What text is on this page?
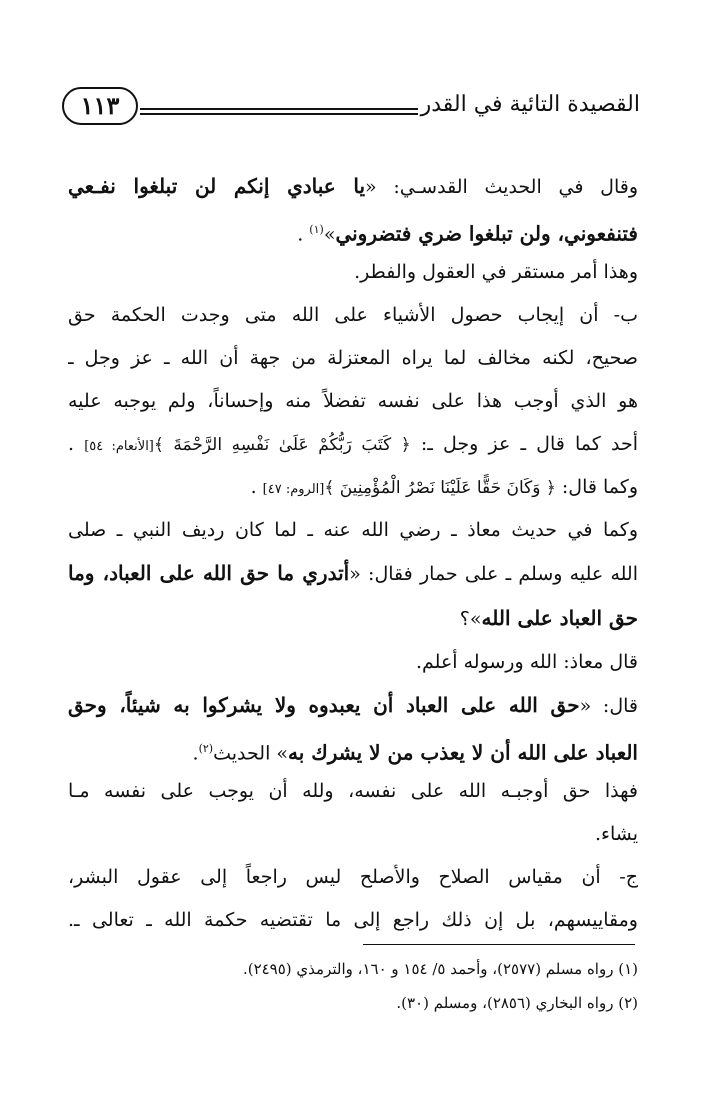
القصيدة التائية في القدر
١١٣
وقال في الحديث القدسـي: «يا عبادي إنكم لن تبلغوا نفـعي
فتنفعوني، ولن تبلغوا ضري فتضروني»$^{(١)}$ .
وهذا أمر مستقر في العقول والفطر.
ب- أن إيجاب حصول الأشياء على الله متى وجدت الحكمة حق
صحيح، لكنه مخالف لما يراه المعتزلة من جهة أن الله ـ عز وجل ـ
هو الذي أوجب هذا على نفسه تفضلاً منه وإحساناً، ولم يوجبه عليه
أحد كما قال ـ عز وجل ـ: ﴿ كَتَبَ رَبُّكُمْ عَلَىٰ نَفْسِهِ الرَّحْمَةَ ﴾[الأنعام: ٥٤] .
وكما قال: ﴿ وَكَانَ حَقًّا عَلَيْنَا نَصْرُ الْمُؤْمِنِينَ ﴾[الروم: ٤٧] .
وكما في حديث معاذ ـ رضي الله عنه ـ لما كان رديف النبي ـ صلى
الله عليه وسلم ـ على حمار فقال: «أتدري ما حق الله على العباد، وما
حق العباد على الله»؟
قال معاذ: الله ورسوله أعلم.
قال: «حق الله على العباد أن يعبدوه ولا يشركوا به شيئاً، وحق
العباد على الله أن لا يعذب من لا يشرك به» الحديث$^{(٢)}$.
فهذا حق أوجبـه الله على نفسه، ولله أن يوجب على نفسه مـا
يشاء.
ج- أن مقياس الصلاح والأصلح ليس راجعاً إلى عقول البشر،
ومقاييسهم، بل إن ذلك راجع إلى ما تقتضيه حكمة الله ـ تعالى ـ.
(١) رواه مسلم (٢٥٧٧)، وأحمد ٥/ ١٥٤ و ١٦٠، والترمذي (٢٤٩٥).
(٢) رواه البخاري (٢٨٥٦)، ومسلم (٣٠).
